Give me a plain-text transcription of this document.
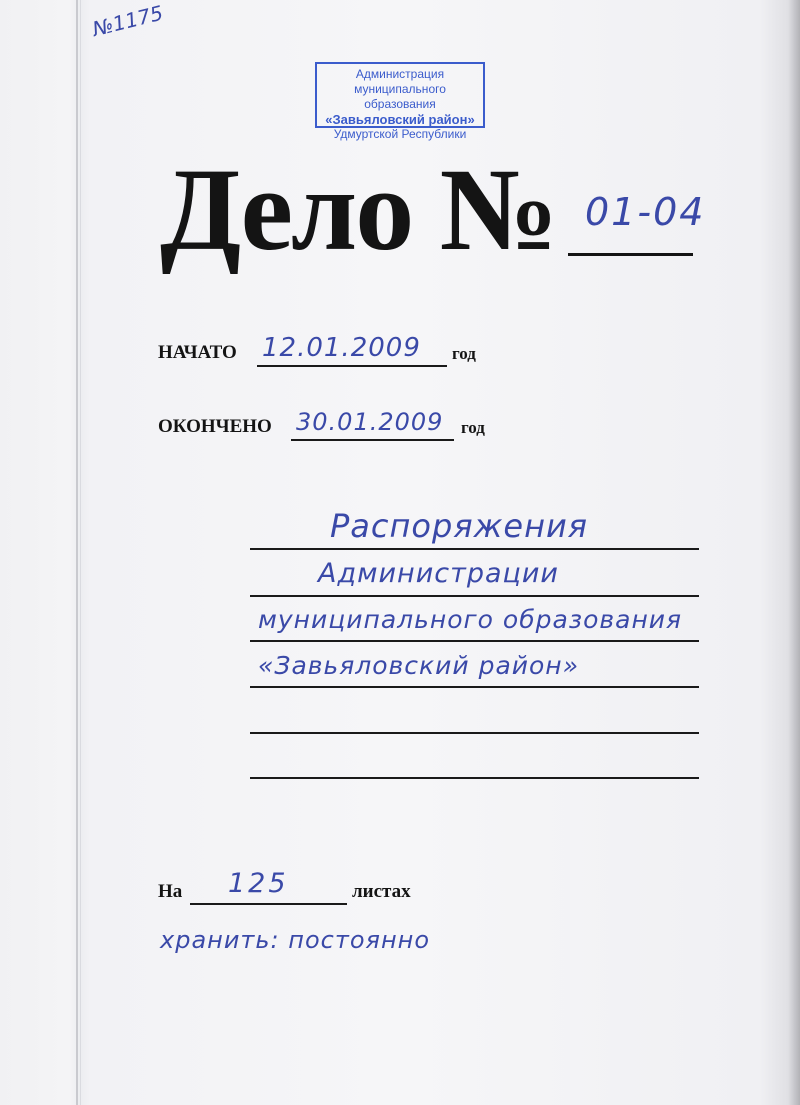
№1175
Администрация
муниципального образования
«Завьяловский район»
Удмуртской Республики
Дело № 01-04
НАЧАТО 12.01.2009 год
ОКОНЧЕНО 30.01.2009 год
Распоряжения
Администрации
муниципального образования
«Завьяловский район»
На 125	листах
хранить: постоянно
